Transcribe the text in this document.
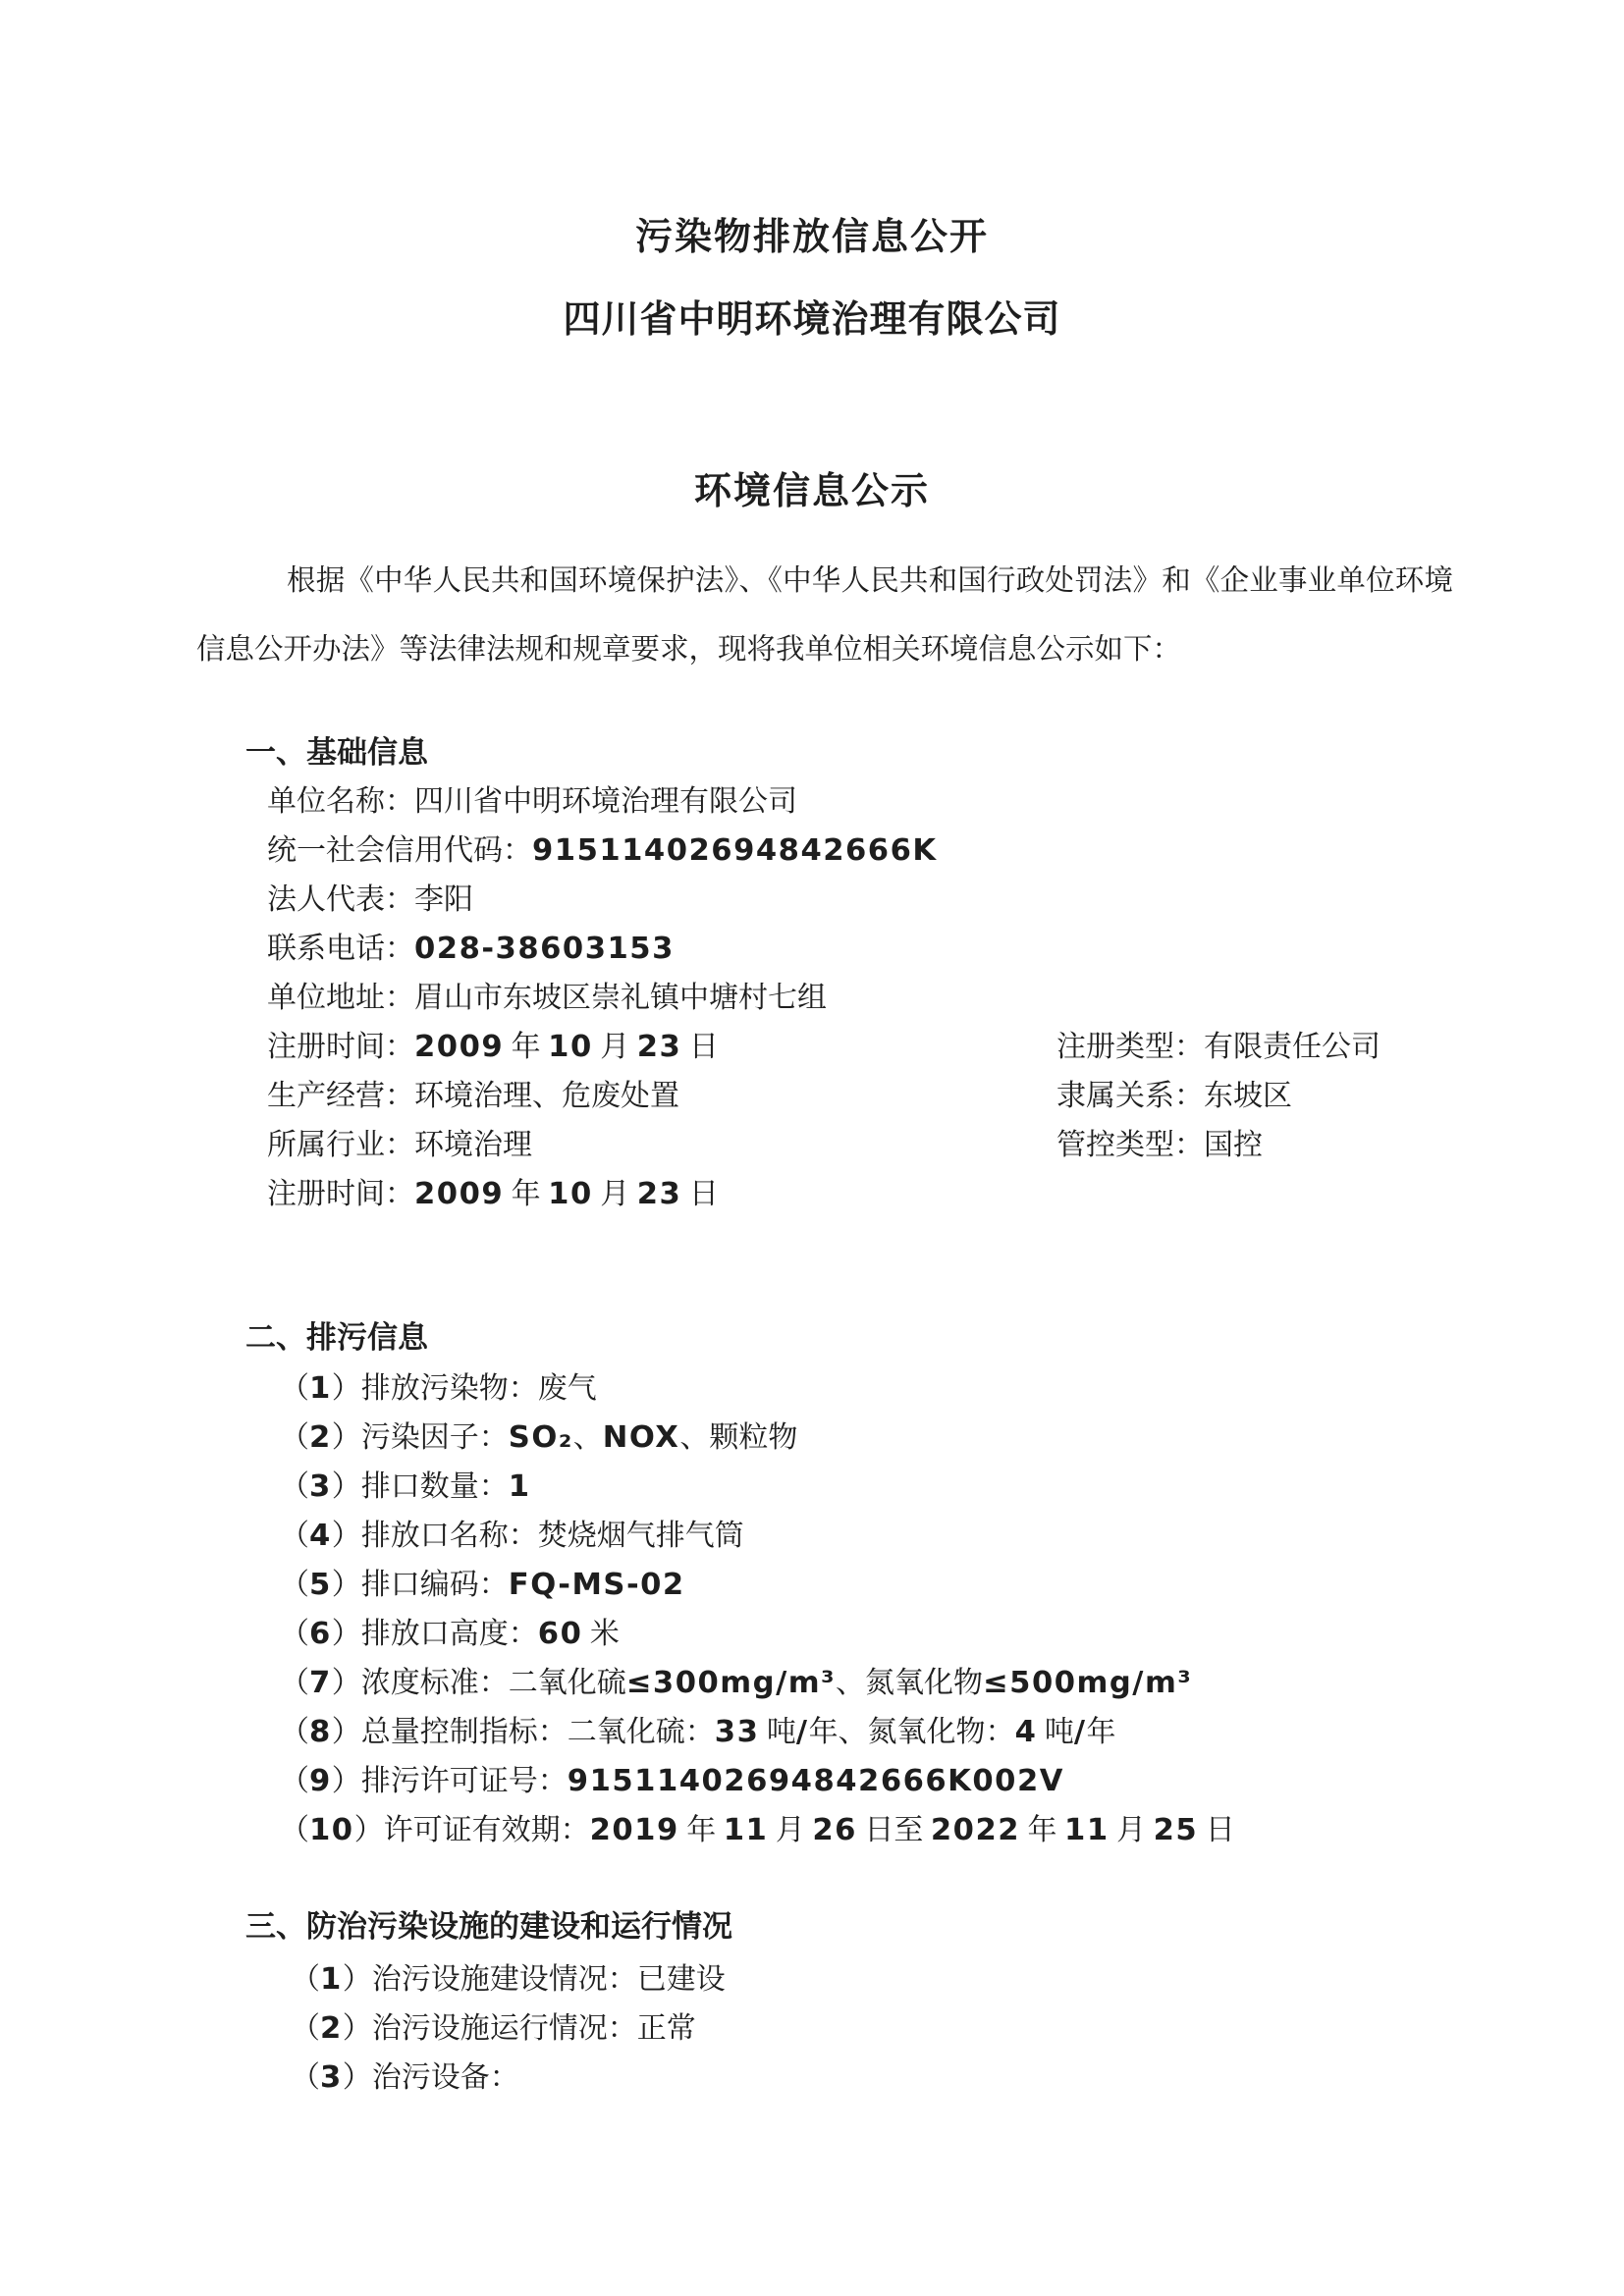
污染物排放信息公开
四川省中明环境治理有限公司
环境信息公示

根据《中华人民共和国环境保护法》、《中华人民共和国行政处罚法》和《企业事业单位环境信息公开办法》等法律法规和规章要求，现将我单位相关环境信息公示如下：

一、基础信息
单位名称：四川省中明环境治理有限公司
统一社会信用代码：91511402694842666K
法人代表：李阳
联系电话：028-38603153
单位地址：眉山市东坡区崇礼镇中塘村七组
注册时间：2009 年 10 月 23 日	注册类型：有限责任公司
生产经营：环境治理、危废处置	隶属关系：东坡区
所属行业：环境治理	管控类型：国控
注册时间：2009 年 10 月 23 日
二、排污信息
（1）排放污染物：废气
（2）污染因子：SO₂、NOX、颗粒物
（3）排口数量：1
（4）排放口名称：焚烧烟气排气筒
（5）排口编码：FQ-MS-02
（6）排放口高度：60 米
（7）浓度标准：二氧化硫≤300mg/m³、氮氧化物≤500mg/m³
（8）总量控制指标：二氧化硫：33 吨/年、氮氧化物：4 吨/年
（9）排污许可证号：91511402694842666K002V
（10）许可证有效期：2019 年 11 月 26 日至 2022 年 11 月 25 日
三、防治污染设施的建设和运行情况
（1）治污设施建设情况：已建设
（2）治污设施运行情况：正常
（3）治污设备：
